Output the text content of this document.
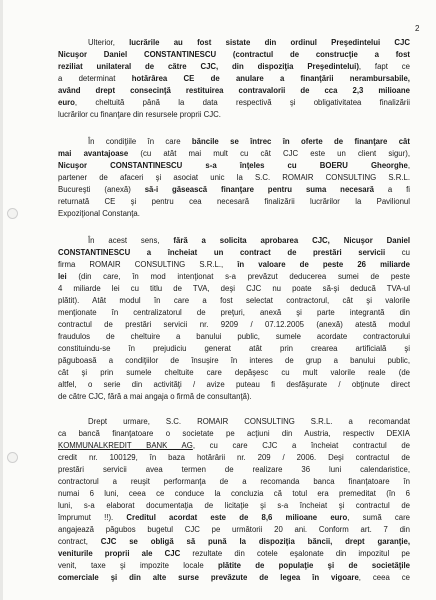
2
Ulterior, lucrările au fost sistate din ordinul Preşedintelui CJC
Nicuşor Daniel CONSTANTINESCU (contractul de construcţie a fost
reziliat unilateral de către CJC, din dispoziţia Preşedintelui), fapt ce
a determinat hotărârea CE de anulare a finanţării nerambursabile,
având drept consecinţă restituirea contravalorii de cca 2,3 milioane
euro, cheltuită până la data respectivă şi obligativitatea finalizării
lucrărilor cu finanţare din resursele proprii CJC.
În condiţiile în care băncile se întrec în oferte de finanţare cât
mai avantajoase (cu atât mai mult cu cât CJC este un client sigur),
Nicuşor CONSTANTINESCU s-a înţeles cu BOERU Gheorghe,
partener de afaceri şi asociat unic la S.C. ROMAIR CONSULTING S.R.L.
Bucureşti (anexă) să-i găsească finanţare pentru suma necesară a fi
returnată CE şi pentru cea necesară finalizării lucrărilor la Pavilionul
Expoziţional Constanţa.
În acest sens, fără a solicita aprobarea CJC, Nicuşor Daniel
CONSTANTINESCU a încheiat un contract de prestări servicii cu
firma ROMAIR CONSULTING S.R.L., în valoare de peste 26 miliarde
lei (din care, în mod intenţionat s-a prevăzut deducerea sumei de peste
4 miliarde lei cu titlu de TVA, deşi CJC nu poate să-şi deducă TVA-ul
plătit). Atât modul în care a fost selectat contractorul, cât şi valorile
menţionate în centralizatorul de preţuri, anexă şi parte integrantă din
contractul de prestări servicii nr. 9209 / 07.12.2005 (anexă) atestă modul
fraudulos de cheltuire a banului public, sumele acordate contractorului
constituindu-se în prejudiciu generat atât prin crearea artificială şi
păguboasă a condiţiilor de însuşire în interes de grup a banului public,
cât şi prin sumele cheltuite care depăşesc cu mult valorile reale (de
altfel, o serie din activităţi / avize puteau fi desfăşurate / obţinute direct
de către CJC, fără a mai angaja o firmă de consultanţă).
Drept urmare, S.C. ROMAIR CONSULTING S.R.L. a recomandat
ca bancă finanţatoare o societate pe acţiuni din Austria, respectiv DEXIA
KOMMUNALKREDIT BANK AG, cu care CJC a încheiat contractul de
credit nr. 100129, în baza hotărârii nr. 209 / 2006. Deşi contractul de
prestări servicii avea termen de realizare 36 luni calendaristice,
contractorul a reuşit performanţa de a recomanda banca finanţatoare în
numai 6 luni, ceea ce conduce la concluzia că totul era premeditat (în 6
luni, s-a elaborat documentaţia de licitaţie şi s-a încheiat şi contractul de
împrumut !!). Creditul acordat este de 8,6 milioane euro, sumă care
angajează păgubos bugetul CJC pe următorii 20 ani. Conform art. 7 din
contract, CJC se obligă să pună la dispoziţia băncii, drept garanţie,
veniturile proprii ale CJC rezultate din cotele eşalonate din impozitul pe
venit, taxe şi impozite locale plătite de populaţie şi de societăţile
comerciale şi din alte surse prevăzute de legea în vigoare, ceea ce
